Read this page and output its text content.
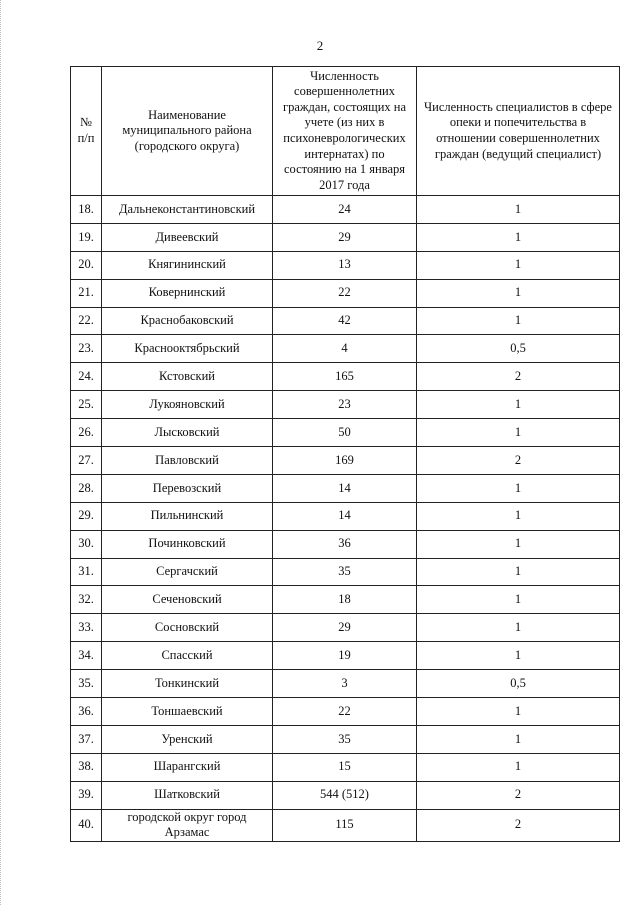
2
№ п/п	Наименование муниципального района (городского округа)	Численность совершеннолетних граждан, состоящих на учете (из них в психоневрологических интернатах) по состоянию на 1 января 2017 года	Численность специалистов в сфере опеки и попечительства в отношении совершеннолетних граждан (ведущий специалист)
18.	Дальнеконстантиновский	24	1
19.	Дивеевский	29	1
20.	Княгининский	13	1
21.	Ковернинский	22	1
22.	Краснобаковский	42	1
23.	Краснооктябрьский	4	0,5
24.	Кстовский	165	2
25.	Лукояновский	23	1
26.	Лысковский	50	1
27.	Павловский	169	2
28.	Перевозский	14	1
29.	Пильнинский	14	1
30.	Починковский	36	1
31.	Сергачский	35	1
32.	Сеченовский	18	1
33.	Сосновский	29	1
34.	Спасский	19	1
35.	Тонкинский	3	0,5
36.	Тоншаевский	22	1
37.	Уренский	35	1
38.	Шарангский	15	1
39.	Шатковский	544 (512)	2
40.	городской округ город Арзамас	115	2
